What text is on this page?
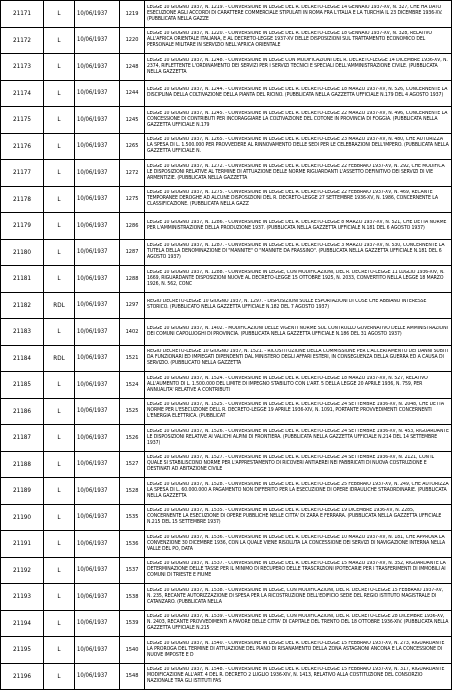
21171	L	10/06/1937	1219	LEGGE 10 GIUGNO 1937, N. 1219. - CONVERSIONE IN LEGGE DEL R. DECRETO-LEGGE 14 GENNAIO 1937-XV, N. 327, CHE HA DATO ESECUZIONE AGLI ACCORDI DI CARATTERE COMMERCIALE STIPULATI IN ROMA FRA L'ITALIA E LA TURCHIA IL 23 DICEMBRE 1936-XV. (PUBBLICATA NELLA GAZZE

21172	L	10/06/1937	1220	LEGGE 10 GIUGNO 1937, N. 1220. - CONVERSIONE IN LEGGE DEL R. DECRETO-LEGGE 18 GENNAIO 1937-XV, N. 328, RELATIVO ALL'AFRICA ORIENTALE ITALIANA, E AL DECRETO-LEGGE 1937-XV DELLE DISPOSIZIONI SUL TRATTAMENTO ECONOMICO DEL PERSONALE MILITARE IN SERVIZIO NELL'AFRICA ORIENTALE

21173	L	10/06/1937	1248	LEGGE 10 GIUGNO 1937, N. 1248. - CONVERSIONE IN LEGGE CON MODIFICAZIONI DEL R. DECRETO-LEGGE 14 DICEMBRE 1936-XV, N. 2374, RIFLETTENTE L'ORDINAMENTO DEI SERVIZI PER I SERVIZI TECNICI E SPECIALI DELL'AMMINISTRAZIONE CIVILE. (PUBBLICATA NELLA GAZZETTA

21174	L	10/06/1937	1244	LEGGE 10 GIUGNO 1937, N. 1244. - CONVERSIONE IN LEGGE DEL R. DECRETO-LEGGE 18 MARZO 1937-XV, N. 526, CONCERNENTE LA DISCIPLINA DELLA COLTIVAZIONE DELLA PIANTA DEL RICINO. (PUBBLICATA NELLA GAZZETTA UFFICIALE N.179 DEL 4 AGOSTO 1937)

21175	L	10/06/1937	1245	LEGGE 10 GIUGNO 1937, N. 1245. - CONVERSIONE IN LEGGE DEL R. DECRETO-LEGGE 22 MARZO 1937-XV, N. 496, CONCERNENTE LA CONCESSIONE DI CONTRIBUTI PER INCORAGGIARE LA COLTIVAZIONE DEL COTONE IN PROVINCIA DI FOGGIA. (PUBBLICATA NELLA GAZZETTA UFFICIALE N.179

21176	L	10/06/1937	1265	LEGGE 10 GIUGNO 1937, N. 1265. - CONVERSIONE IN LEGGE DEL R. DECRETO-LEGGE 23 MARZO 1937-XV, N. 480, CHE AUTORIZZA LA SPESA DI L. 1.500.000 PER PROVVEDERE AL RINNOVAMENTO DELLE SEDI PER LE CELEBRAZIONI DELL'IMPERO. (PUBBLICATA NELLA GAZZETTA UFFICIALE N.

21177	L	10/06/1937	1272	LEGGE 10 GIUGNO 1937, N. 1272. - CONVERSIONE IN LEGGE DEL R. DECRETO-LEGGE 22 FEBBRAIO 1937-XV, N. 292, CHE MODIFICA LE DISPOSIZIONI RELATIVE AL TERMINE DI ATTUAZIONE DELLE NORME RIGUARDANTI L'ASSETTO DEFINITIVO DEI SERVIZI DI VIE ARMENTIZIE. (PUBBLICATA NELLA GAZZETTA

21178	L	10/06/1937	1275	LEGGE 10 GIUGNO 1937, N. 1275. - CONVERSIONE IN LEGGE DEL R. DECRETO-LEGGE 22 FEBBRAIO 1937-XV, N. 469, RECANTE TEMPORANEE DEROGHE AD ALCUNE DISPOSIZIONI DEL R. DECRETO-LEGGE 27 SETTEMBRE 1936-XV, N. 1986, CONCERNENTE LA CLASSIFICAZIONE. (PUBBLICATA NELLA GAZZ

21179	L	10/06/1937	1286	LEGGE 10 GIUGNO 1937, N. 1286. - CONVERSIONE IN LEGGE DEL R. DECRETO-LEGGE 8 MARZO 1937-XV, N. 521, CHE DETTA NORME PER L'AMMINISTRAZIONE DELLA PRODUZIONE 1937. (PUBBLICATA NELLA GAZZETTA UFFICIALE N.181 DEL 6 AGOSTO 1937)

21180	L	10/06/1937	1287	LEGGE 10 GIUGNO 1937, N. 1287. - CONVERSIONE IN LEGGE DEL R. DECRETO-LEGGE 3 MARZO 1937-XV, N. 530, CONCERNENTE LA TUTELA DELLA DENOMINAZIONE DI "MANNITE" O "MANNITE DA FRASSINO". (PUBBLICATA NELLA GAZZETTA UFFICIALE N.181 DEL 6 AGOSTO 1937)

21181	L	10/06/1937	1288	LEGGE 10 GIUGNO 1937, N. 1288. - CONVERSIONE IN LEGGE, CON MODIFICAZIONI, DEL R. DECRETO-LEGGE 11 LUGLIO 1936-XIV, N. 1669, RIGUARDANTE DISPOSIZIONI NUOVE AL DECRETO-LEGGE 15 OTTOBRE 1925, N. 2033, CONVERTITO NELLA LEGGE 18 MARZO 1926, N. 562, CONC

21182	RDL	10/06/1937	1297	REGIO DECRETO-LEGGE 10 GIUGNO 1937, N. 1297. - DISPOSIZIONI SULLE ESPORTAZIONI DI COSE CHE ABBIANO INTERESSE STORICO. (PUBBLICATO NELLA GAZZETTA UFFICIALE N.182 DEL 7 AGOSTO 1937)

21183	L	10/06/1937	1402	LEGGE 10 GIUGNO 1937, N. 1402. - MODIFICAZIONI DELLE VIGENTI NORME SUL CONTROLLO GOVERNATIVO DELLE AMMINISTRAZIONI DEI COMUNI CAPOLUOGHI DI PROVINCIA. (PUBBLICATA NELLA GAZZETTA UFFICIALE N.186 DEL 31 AGOSTO 1937)

21184	RDL	10/06/1937	1521	REGIO DECRETO-LEGGE 10 GIUGNO 1937, N. 1521. - RICOSTITUZIONE DELLA COMMISSIONE PER L'ACCERTAMENTO DEI DANNI SUBITI DA FUNZIONARI ED IMPIEGATI DIPENDENTI DAL MINISTERO DEGLI AFFARI ESTERI, IN CONSEGUENZA DELLA GUERRA ED A CAUSA DI SERVIZIO. (PUBBLICATO NELLA GAZZETTA

21185	L	10/06/1937	1524	LEGGE 10 GIUGNO 1937, N. 1524. - CONVERSIONE IN LEGGE DEL R. DECRETO-LEGGE 18 MARZO 1937-XV, N. 527, RELATIVO ALL'AUMENTO DI L. 1.500.000 DEL LIMITE DI IMPEGNO STABILITO CON L'ART. 5 DELLA LEGGE 20 APRILE 1936, N. 759, PER ANNUALITA' RELATIVE A CONTRIBUTI

21186	L	10/06/1937	1525	LEGGE 10 GIUGNO 1937, N. 1525. - CONVERSIONE IN LEGGE DEL R. DECRETO-LEGGE 24 SETTEMBRE 1936-XV, N. 2048, CHE DETTA NORME PER L'ESECUZIONE DELL R. DECRETO-LEGGE 19 APRILE 1936-XIV, N. 1091, PORTANTE PROVVEDIMENTI CONCERNENTI L'ENERGIA ELETTRICA. (PUBBLICAT

21187	L	10/06/1937	1526	LEGGE 10 GIUGNO 1937, N. 1526. - CONVERSIONE IN LEGGE DEL R. DECRETO-LEGGE 24 SETTEMBRE 1936-XV, N. 453, RIGUARDANTE LE DISPOSIZIONI RELATIVE AI VALICHI ALPINI DI FRONTIERA. (PUBBLICATA NELLA GAZZETTA UFFICIALE N.214 DEL 14 SETTEMBRE 1937)

21188	L	10/06/1937	1527	LEGGE 10 GIUGNO 1937, N. 1527. - CONVERSIONE IN LEGGE DEL R. DECRETO-LEGGE 24 SETTEMBRE 1936-XV, N. 2121, CON IL QUALE SI STABILISCONO NORME PER L'APPRESTAMENTO DI RICOVERI ANTIAEREI NEI FABBRICATI DI NUOVA COSTRUZIONE E DESTINATI AD ABITAZIONE CIVILE

21189	L	10/06/1937	1528	LEGGE 10 GIUGNO 1937, N. 1528. - CONVERSIONE IN LEGGE DEL R. DECRETO-LEGGE 25 FEBBRAIO 1937-XV, N. 249, CHE AUTORIZZA LA SPESA DI L. 60.000.000 A PAGAMENTO NON DIFFERITO PER LA ESECUZIONE DI OPERE IDRAULICHE STRAORDINARIE. (PUBBLICATA NELLA GAZZETTA

21190	L	10/06/1937	1535	LEGGE 10 GIUGNO 1937, N. 1535. - CONVERSIONE IN LEGGE DEL R. DECRETO-LEGGE 19 DICEMBRE 1936-XV, N. 2285, CONCERNENTE LA ESECUZIONE DI OPERE PUBBLICHE NELLE CITTA' DI ZARA E FERRARA. (PUBBLICATA NELLA GAZZETTA UFFICIALE N.215 DEL 15 SETTEMBRE 1937)

21191	L	10/06/1937	1536	LEGGE 10 GIUGNO 1937, N. 1536. - CONVERSIONE IN LEGGE DEL R. DECRETO-LEGGE 10 MARZO 1937-XV, N. 181, CHE APPROVA LA CONVENZIONE 30 DICEMBRE 1936, CON LA QUALE VIENE RISOLUTA LA CONCESSIONE DEI SERVIZI DI NAVIGAZIONE INTERNA NELLA VALLE DEL PO, DATA

21192	L	10/06/1937	1537	LEGGE 10 GIUGNO 1937, N. 1537. - CONVERSIONE IN LEGGE DEL R. DECRETO-LEGGE 15 MARZO 1937-XV, N. 352, RIGUARDANTE LA DETERMINAZIONE DELLE TASSE PER IL MINIMO DI RECUPERO DELLE TRASCRIZIONI IPOTECARIE PER I TRASFERIMENTI DI IMMOBILI AI COMUNI DI TRIESTE E FIUME

21193	L	10/06/1937	1538	LEGGE 10 GIUGNO 1937, N. 1538. - CONVERSIONE IN LEGGE, CON MODIFICAZIONI, DEL R. DECRETO-LEGGE 15 FEBBRAIO 1937-XV, N. 235, RECANTE AUTORIZZAZIONE DI SPESA PER LA RICOSTRUZIONE DELL'EDIFICIO SEDE DEL REGIO ISTITUTO MAGISTRALE DI CATANZARO. (PUBBLICATA NELLA

21194	L	10/06/1937	1539	LEGGE 10 GIUGNO 1937, N. 1539. - CONVERSIONE IN LEGGE, CON MODIFICAZIONI, DEL R. DECRETO-LEGGE 28 DICEMBRE 1936-XV, N. 2403, RECANTE PROVVEDIMENTI A FAVORE DELLE CITTA' DI CAPITALE DEL TRENTO DEL 18 OTTOBRE 1936-XIV. (PUBBLICATA NELLA GAZZETTA UFFICIALE N.215

21195	L	10/06/1937	1540	LEGGE 10 GIUGNO 1937, N. 1540. - CONVERSIONE IN LEGGE DEL R. DECRETO-LEGGE 15 FEBBRAIO 1937-XV, N. 273, RIGUARDANTE LA PROROGA DEL TERMINE DI ATTUAZIONE DEL PIANO DI RISANAMENTO DELLA ZONA ASTAGNONI ANCONA E LA CONCESSIONE DI NUOVE IMPOSTE E D

21196	L	10/06/1937	1548	LEGGE 10 GIUGNO 1937, N. 1548. - CONVERSIONE IN LEGGE DEL R. DECRETO-LEGGE 15 FEBBRAIO 1937-XV, N. 317, RIGUARDANTE MODIFICAZIONE ALL'ART. 4 DEL R. DECRETO 2 LUGLIO 1936-XIV, N. 1413, RELATIVO ALLA COSTITUZIONE DEL CONSORZIO NAZIONALE TRA GLI ISTITUTI FAS
